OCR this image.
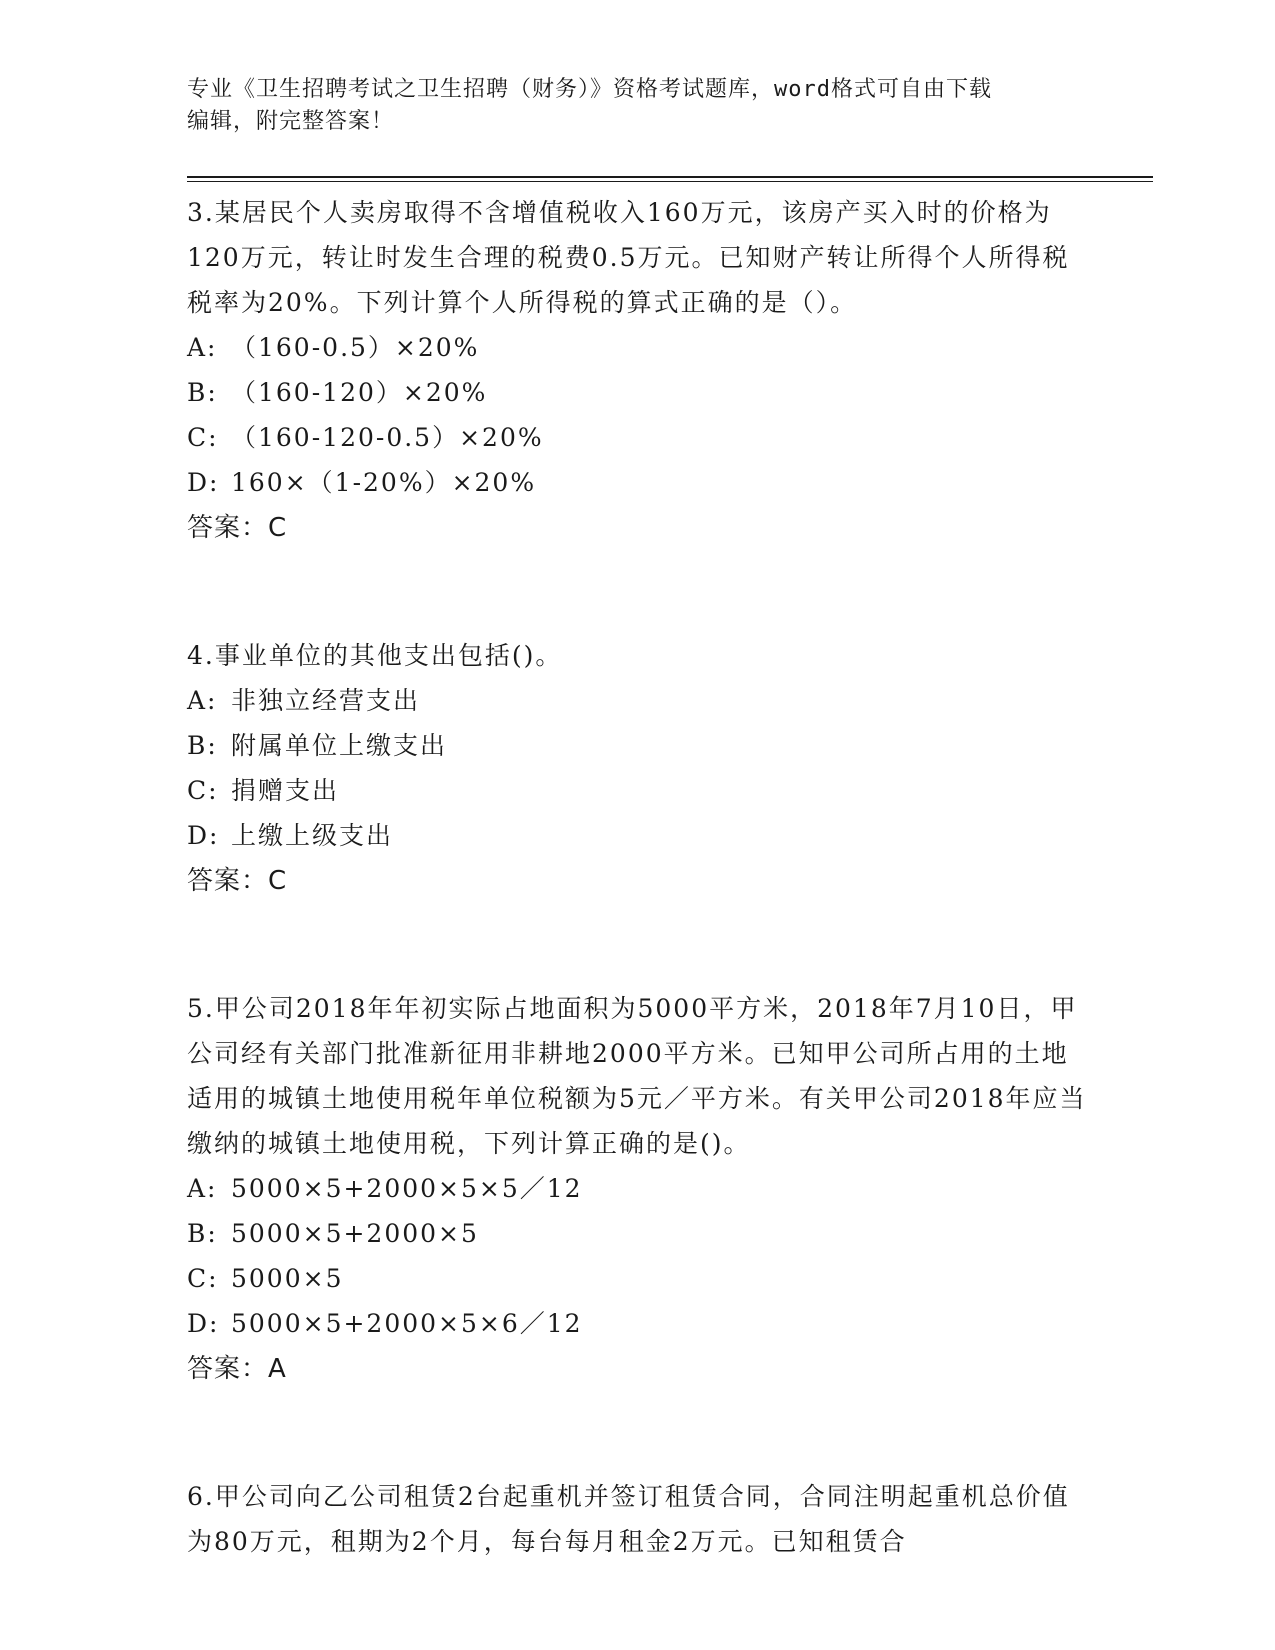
专业《卫生招聘考试之卫生招聘（财务）》资格考试题库，word格式可自由下载
编辑，附完整答案！
3.某居民个人卖房取得不含增值税收入160万元，该房产买入时的价格为120万元，转让时发生合理的税费0.5万元。已知财产转让所得个人所得税税率为20%。下列计算个人所得税的算式正确的是（）。
A: （160-0.5）×20%
B: （160-120）×20%
C: （160-120-0.5）×20%
D: 160×（1-20%）×20%
答案：C
4.事业单位的其他支出包括()。
A: 非独立经营支出
B: 附属单位上缴支出
C: 捐赠支出
D: 上缴上级支出
答案：C
5.甲公司2018年年初实际占地面积为5000平方米，2018年7月10日，甲公司经有关部门批准新征用非耕地2000平方米。已知甲公司所占用的土地适用的城镇土地使用税年单位税额为5元／平方米。有关甲公司2018年应当缴纳的城镇土地使用税，下列计算正确的是()。
A: 5000×5+2000×5×5／12
B: 5000×5+2000×5
C: 5000×5
D: 5000×5+2000×5×6／12
答案：A
6.甲公司向乙公司租赁2台起重机并签订租赁合同，合同注明起重机总价值为80万元，租期为2个月，每台每月租金2万元。已知租赁合
